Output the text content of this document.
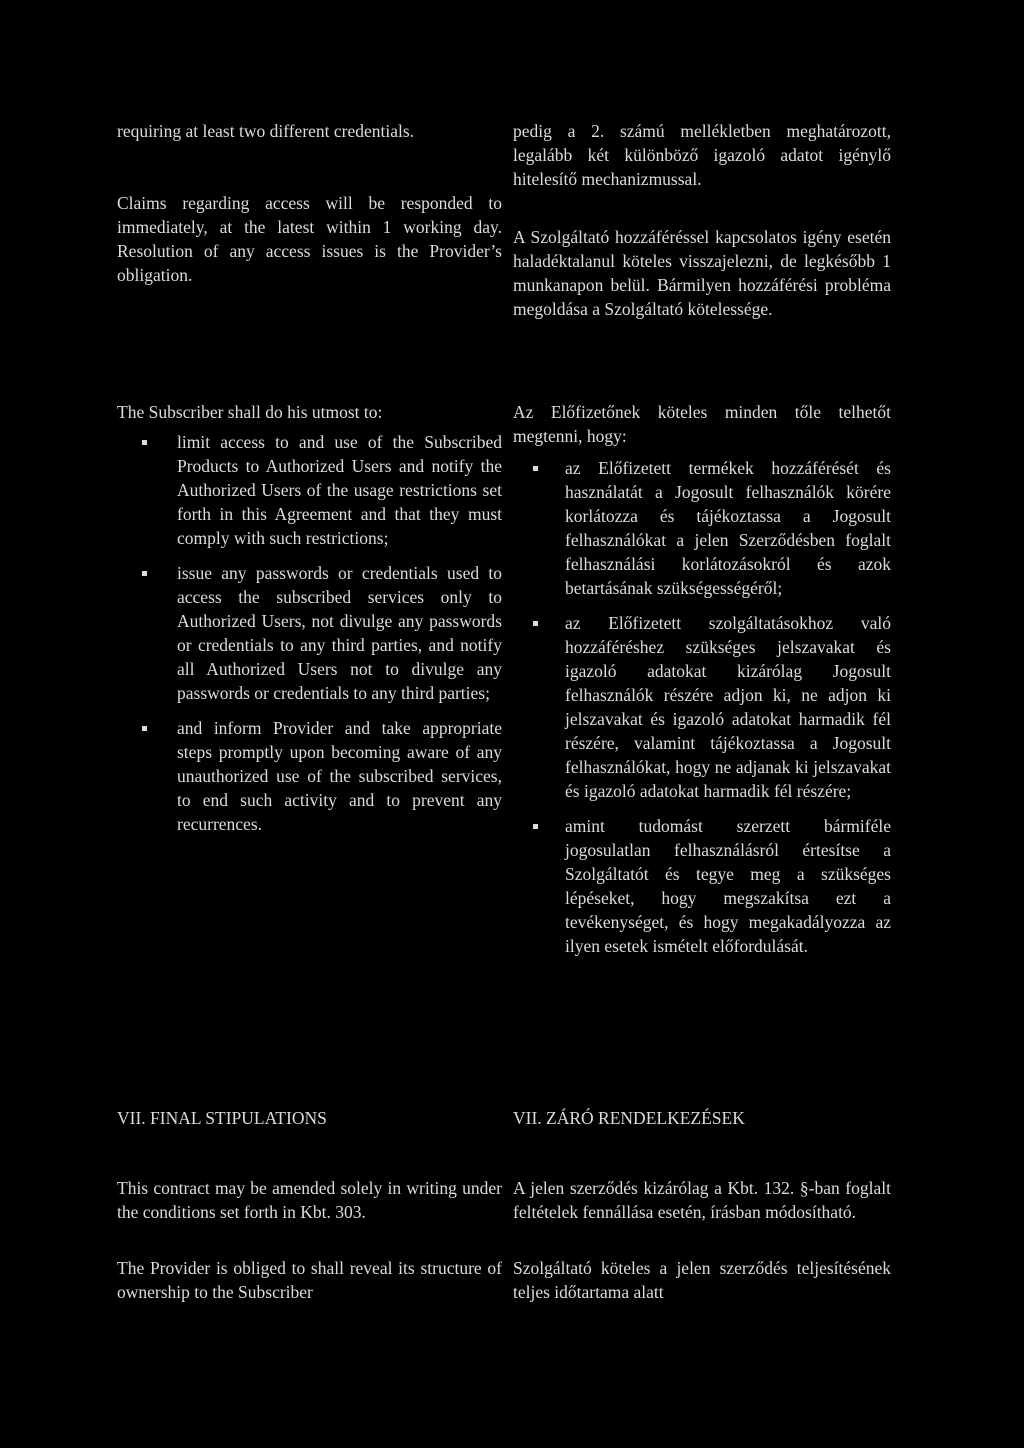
requiring at least two different credentials.

Claims regarding access will be responded to immediately, at the latest within 1 working day. Resolution of any access issues is the Provider’s obligation.

pedig a 2. számú mellékletben meghatározott, legalább két különböző igazoló adatot igénylő hitelesítő mechanizmussal.

A Szolgáltató hozzáféréssel kapcsolatos igény esetén haladéktalanul köteles visszajelezni, de legkésőbb 1 munkanapon belül. Bármilyen hozzáférési probléma megoldása a Szolgáltató kötelessége.

The Subscriber shall do his utmost to:

limit access to and use of the Subscribed Products to Authorized Users and notify the Authorized Users of the usage restrictions set forth in this Agreement and that they must comply with such restrictions;
issue any passwords or credentials used to access the subscribed services only to Authorized Users, not divulge any passwords or credentials to any third parties, and notify all Authorized Users not to divulge any passwords or credentials to any third parties;
and inform Provider and take appropriate steps promptly upon becoming aware of any unauthorized use of the subscribed services, to end such activity and to prevent any recurrences.

Az Előfizetőnek köteles minden tőle telhetőt megtenni, hogy:

az Előfizetett termékek hozzáférését és használatát a Jogosult felhasználók körére korlátozza és tájékoztassa a Jogosult felhasználókat a jelen Szerződésben foglalt felhasználási korlátozásokról és azok betartásának szükségességéről;
az Előfizetett szolgáltatásokhoz való hozzáféréshez szükséges jelszavakat és igazoló adatokat kizárólag Jogosult felhasználók részére adjon ki, ne adjon ki jelszavakat és igazoló adatokat harmadik fél részére, valamint tájékoztassa a Jogosult felhasználókat, hogy ne adjanak ki jelszavakat és igazoló adatokat harmadik fél részére;
amint tudomást szerzett bármiféle jogosulatlan felhasználásról értesítse a Szolgáltatót és tegye meg a szükséges lépéseket, hogy megszakítsa ezt a tevékenységet, és hogy megakadályozza az ilyen esetek ismételt előfordulását.
VII. FINAL STIPULATIONS	VII. ZÁRÓ RENDELKEZÉSEK

This contract may be amended solely in writing under the conditions set forth in Kbt. 303.

A jelen szerződés kizárólag a Kbt. 132. §-ban foglalt feltételek fennállása esetén, írásban módosítható.

The Provider is obliged to shall reveal its structure of ownership to the Subscriber

Szolgáltató köteles a jelen szerződés teljesítésének teljes időtartama alatt
